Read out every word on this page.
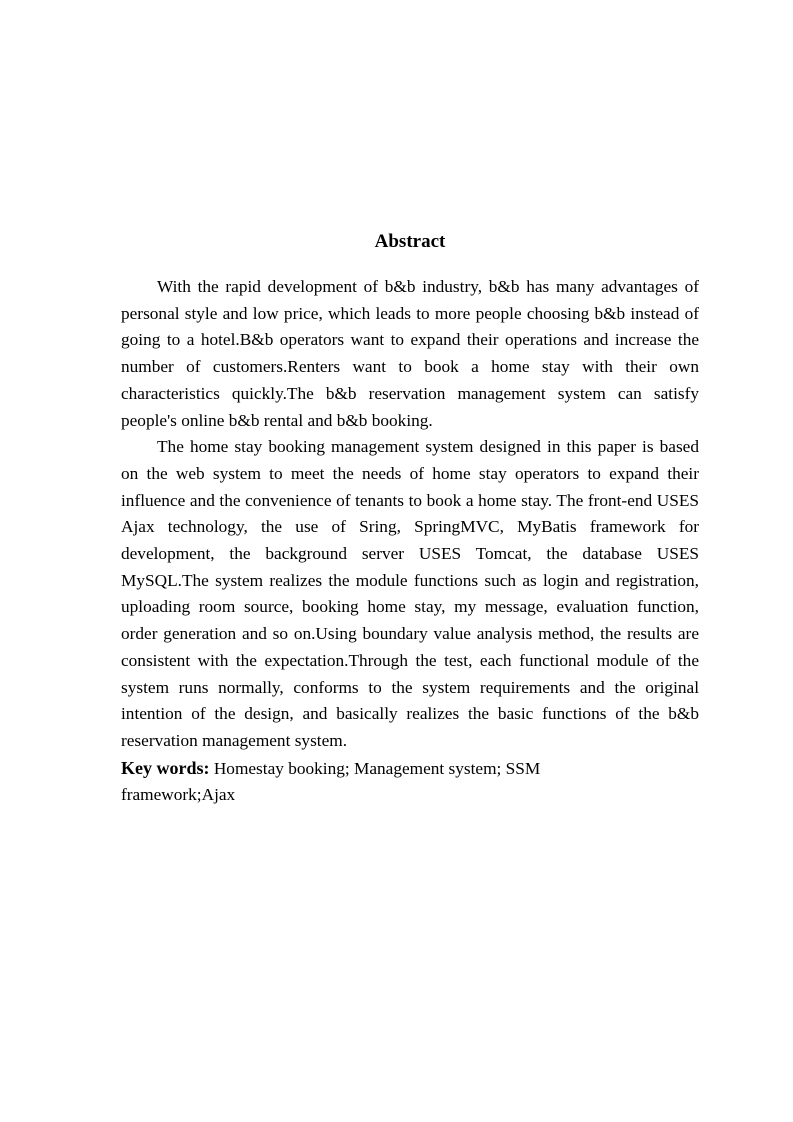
Abstract

With the rapid development of b&b industry, b&b has many advantages of personal style and low price, which leads to more people choosing b&b instead of going to a hotel.B&b operators want to expand their operations and increase the number of customers.Renters want to book a home stay with their own characteristics quickly.The b&b reservation management system can satisfy people's online b&b rental and b&b booking.

The home stay booking management system designed in this paper is based on the web system to meet the needs of home stay operators to expand their influence and the convenience of tenants to book a home stay. The front-end USES Ajax technology, the use of Sring, SpringMVC, MyBatis framework for development, the background server USES Tomcat, the database USES MySQL.The system realizes the module functions such as login and registration, uploading room source, booking home stay, my message, evaluation function, order generation and so on.Using boundary value analysis method, the results are consistent with the expectation.Through the test, each functional module of the system runs normally, conforms to the system requirements and the original intention of the design, and basically realizes the basic functions of the b&b reservation management system.

Key words: Homestay booking; Management system; SSM framework;Ajax
